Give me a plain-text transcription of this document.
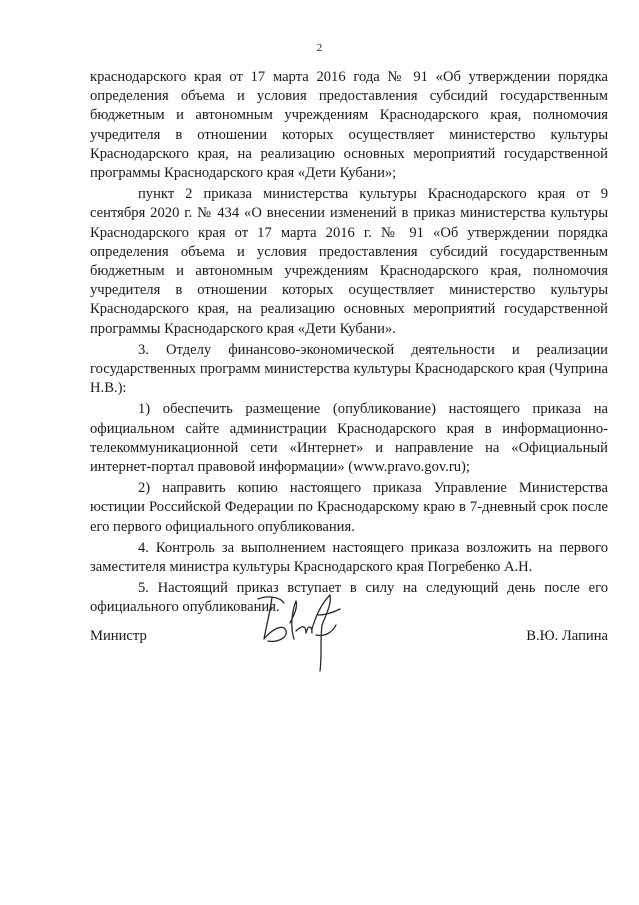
2

краснодарского края от 17 марта 2016 года № 91 «Об утверждении порядка определения объема и условия предоставления субсидий государственным бюджетным и автономным учреждениям Краснодарского края, полномочия учредителя в отношении которых осуществляет министерство культуры Краснодарского края, на реализацию основных мероприятий государственной программы Краснодарского края «Дети Кубани»;

пункт 2 приказа министерства культуры Краснодарского края от 9 сентября 2020 г. № 434 «О внесении изменений в приказ министерства культуры Краснодарского края от 17 марта 2016 г. № 91 «Об утверждении порядка определения объема и условия предоставления субсидий государственным бюджетным и автономным учреждениям Краснодарского края, полномочия учредителя в отношении которых осуществляет министерство культуры Краснодарского края, на реализацию основных мероприятий государственной программы Краснодарского края «Дети Кубани».

3. Отделу финансово-экономической деятельности и реализации государственных программ министерства культуры Краснодарского края (Чуприна Н.В.):

1) обеспечить размещение (опубликование) настоящего приказа на официальном сайте администрации Краснодарского края в информационно-телекоммуникационной сети «Интернет» и направление на «Официальный интернет-портал правовой информации» (www.pravo.gov.ru);

2) направить копию настоящего приказа Управление Министерства юстиции Российской Федерации по Краснодарскому краю в 7-дневный срок после его первого официального опубликования.

4. Контроль за выполнением настоящего приказа возложить на первого заместителя министра культуры Краснодарского края Погребенко А.Н.

5. Настоящий приказ вступает в силу на следующий день после его официального опубликования.

Министр	В.Ю. Лапина
